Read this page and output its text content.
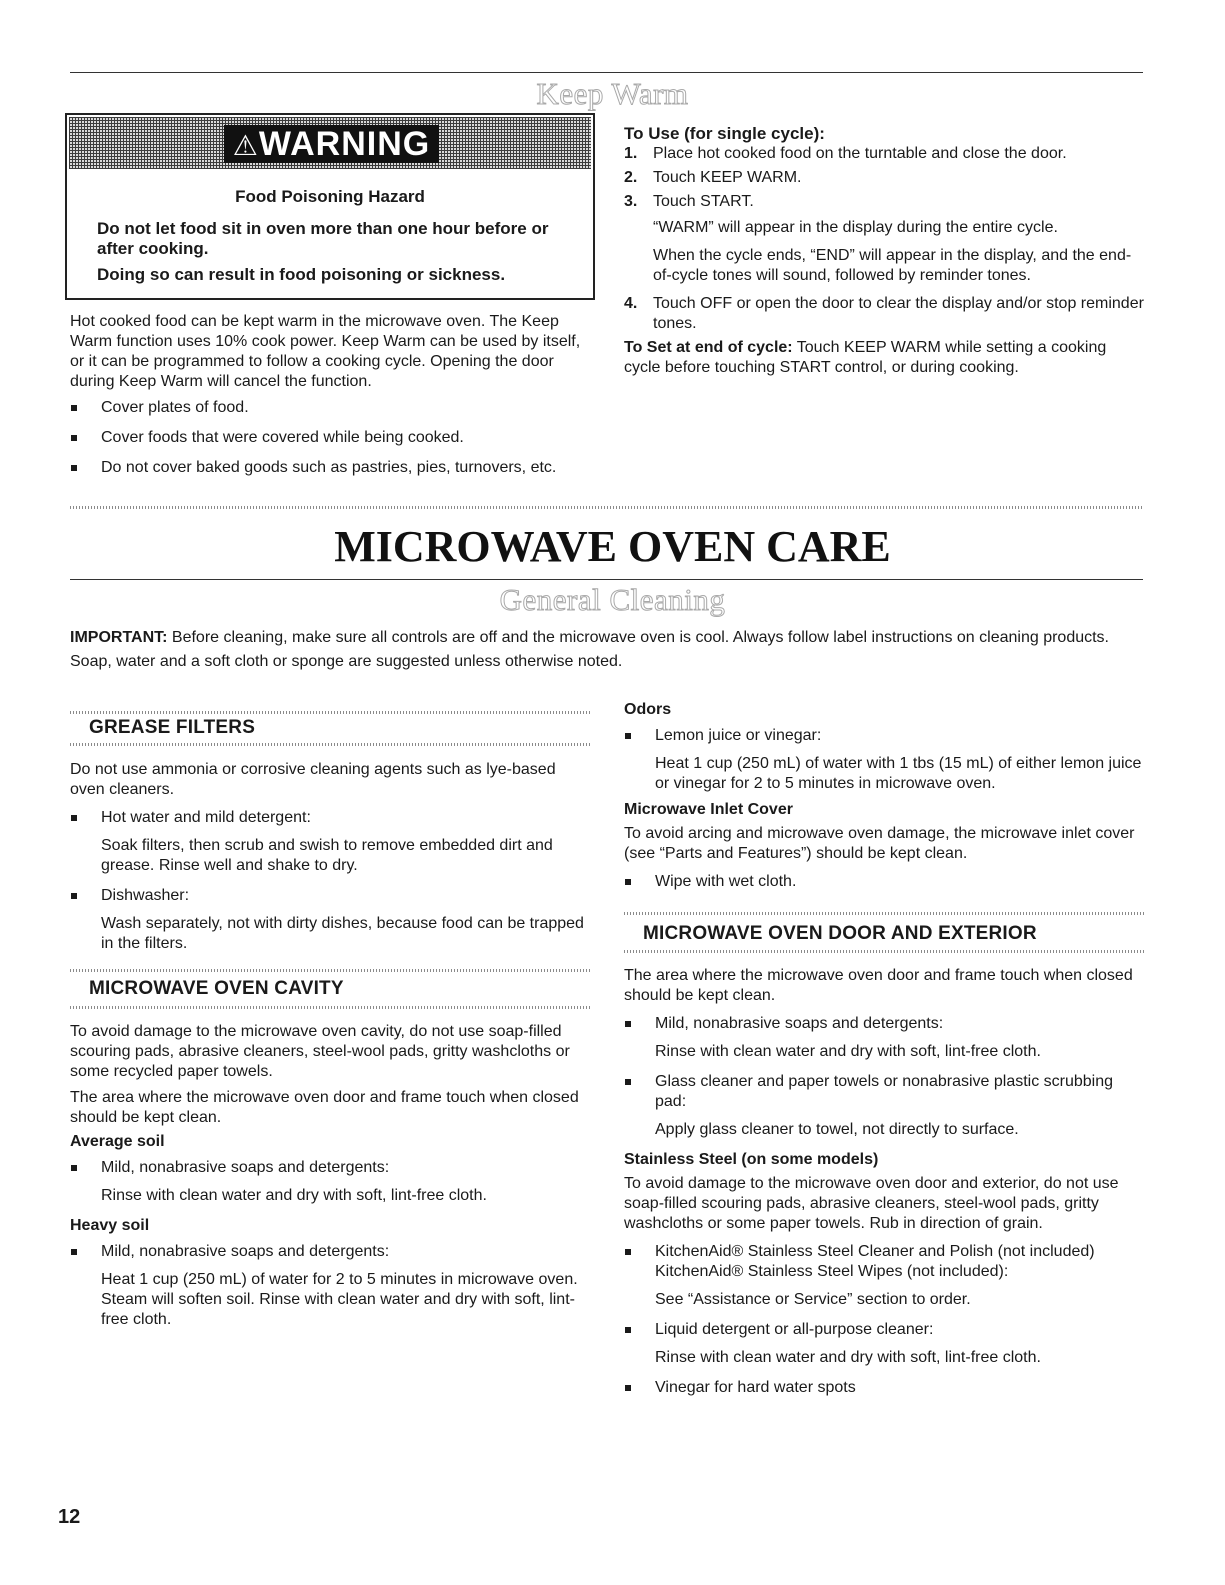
Keep Warm
⚠WARNING
Food Poisoning Hazard
Do not let food sit in oven more than one hour before or after cooking.
Doing so can result in food poisoning or sickness.

Hot cooked food can be kept warm in the microwave oven. The Keep Warm function uses 10% cook power. Keep Warm can be used by itself, or it can be programmed to follow a cooking cycle. Opening the door during Keep Warm will cancel the function.

Cover plates of food.

Cover foods that were covered while being cooked.

Do not cover baked goods such as pastries, pies, turnovers, etc.

To Use (for single cycle):

1. Place hot cooked food on the turntable and close the door.
2. Touch KEEP WARM.
3. Touch START.

“WARM” will appear in the display during the entire cycle.

When the cycle ends, “END” will appear in the display, and the end-of-cycle tones will sound, followed by reminder tones.

4. Touch OFF or open the door to clear the display and/or stop reminder tones.

To Set at end of cycle: Touch KEEP WARM while setting a cooking cycle before touching START control, or during cooking.

MICROWAVE OVEN CARE
General Cleaning

IMPORTANT: Before cleaning, make sure all controls are off and the microwave oven is cool. Always follow label instructions on cleaning products.

Soap, water and a soft cloth or sponge are suggested unless otherwise noted.

GREASE FILTERS

Do not use ammonia or corrosive cleaning agents such as lye-based oven cleaners.

Hot water and mild detergent:

Soak filters, then scrub and swish to remove embedded dirt and grease. Rinse well and shake to dry.

Dishwasher:

Wash separately, not with dirty dishes, because food can be trapped in the filters.

MICROWAVE OVEN CAVITY

To avoid damage to the microwave oven cavity, do not use soap-filled scouring pads, abrasive cleaners, steel-wool pads, gritty washcloths or some recycled paper towels.

The area where the microwave oven door and frame touch when closed should be kept clean.

Average soil

Mild, nonabrasive soaps and detergents:

Rinse with clean water and dry with soft, lint-free cloth.

Heavy soil

Mild, nonabrasive soaps and detergents:

Heat 1 cup (250 mL) of water for 2 to 5 minutes in microwave oven. Steam will soften soil. Rinse with clean water and dry with soft, lint-free cloth.

Odors

Lemon juice or vinegar:

Heat 1 cup (250 mL) of water with 1 tbs (15 mL) of either lemon juice or vinegar for 2 to 5 minutes in microwave oven.

Microwave Inlet Cover

To avoid arcing and microwave oven damage, the microwave inlet cover (see “Parts and Features”) should be kept clean.

Wipe with wet cloth.

MICROWAVE OVEN DOOR AND EXTERIOR

The area where the microwave oven door and frame touch when closed should be kept clean.

Mild, nonabrasive soaps and detergents:

Rinse with clean water and dry with soft, lint-free cloth.

Glass cleaner and paper towels or nonabrasive plastic scrubbing pad:

Apply glass cleaner to towel, not directly to surface.

Stainless Steel (on some models)

To avoid damage to the microwave oven door and exterior, do not use soap-filled scouring pads, abrasive cleaners, steel-wool pads, gritty washcloths or some paper towels. Rub in direction of grain.

KitchenAid® Stainless Steel Cleaner and Polish (not included)
KitchenAid® Stainless Steel Wipes (not included):

See “Assistance or Service” section to order.

Liquid detergent or all-purpose cleaner:

Rinse with clean water and dry with soft, lint-free cloth.

Vinegar for hard water spots

12
